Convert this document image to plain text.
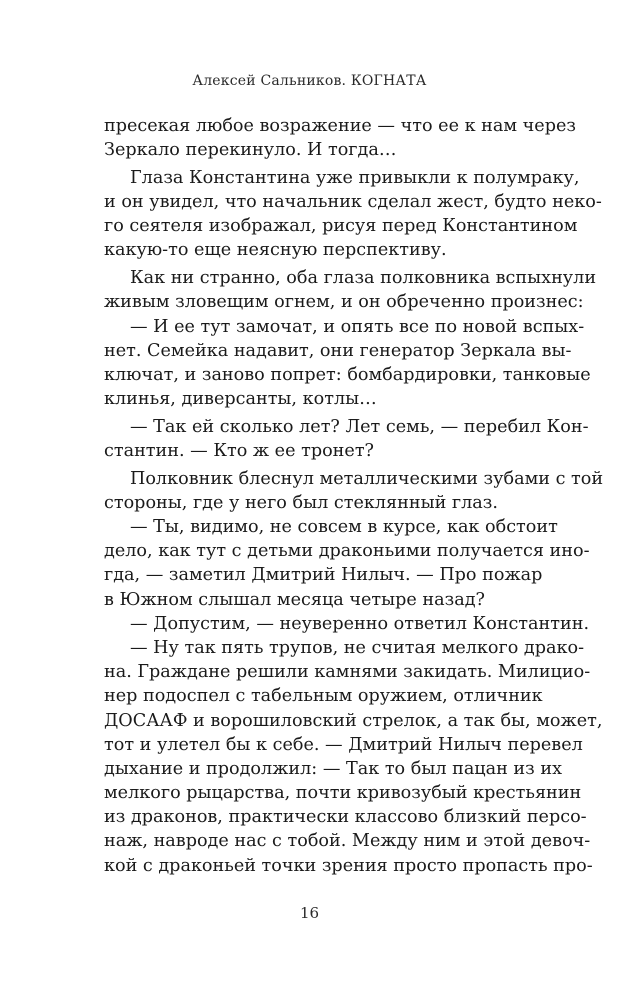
Алексей Сальников. КОГНАТА
пресекая любое возражение — что ее к нам через
Зеркало перекинуло. И тогда…
Глаза Константина уже привыкли к полумраку,
и он увидел, что начальник сделал жест, будто неко-
го сеятеля изображал, рисуя перед Константином
какую-то еще неясную перспективу.
Как ни странно, оба глаза полковника вспыхнули
живым зловещим огнем, и он обреченно произнес:
— И ее тут замочат, и опять все по новой вспых-
нет. Семейка надавит, они генератор Зеркала вы-
ключат, и заново попрет: бомбардировки, танковые
клинья, диверсанты, котлы…
— Так ей сколько лет? Лет семь, — перебил Кон-
стантин. — Кто ж ее тронет?
Полковник блеснул металлическими зубами с той
стороны, где у него был стеклянный глаз.
— Ты, видимо, не совсем в курсе, как обстоит
дело, как тут с детьми драконьими получается ино-
гда, — заметил Дмитрий Нилыч. — Про пожар
в Южном слышал месяца четыре назад?
— Допустим, — неуверенно ответил Константин.
— Ну так пять трупов, не считая мелкого драко-
на. Граждане решили камнями закидать. Милицио-
нер подоспел с табельным оружием, отличник
ДОСААФ и ворошиловский стрелок, а так бы, может,
тот и улетел бы к себе. — Дмитрий Нилыч перевел
дыхание и продолжил: — Так то был пацан из их
мелкого рыцарства, почти кривозубый крестьянин
из драконов, практически классово близкий персо-
наж, навроде нас с тобой. Между ним и этой девоч-
кой с драконьей точки зрения просто пропасть про-
16
